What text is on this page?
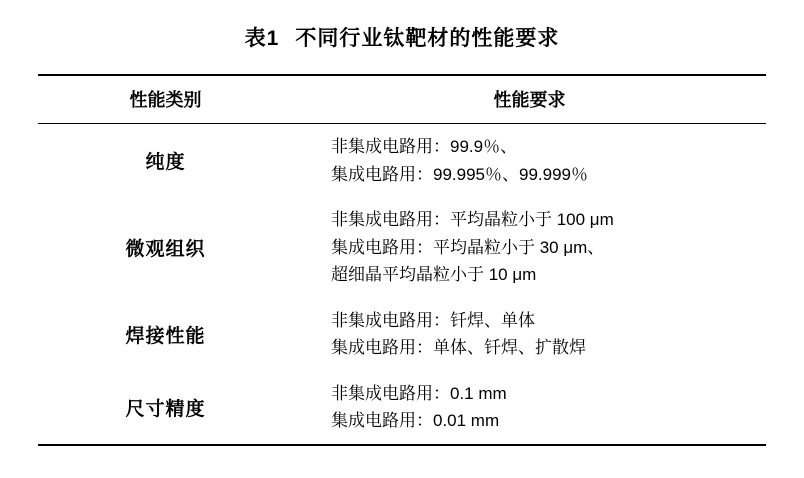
表1 不同行业钛靶材的性能要求
性能类别	性能要求
纯度	非集成电路用：99.9％、
集成电路用：99.995％、99.999％

微观组织	非集成电路用：平均晶粒小于 100 μm
集成电路用：平均晶粒小于 30 μm、
超细晶平均晶粒小于 10 μm

焊接性能	非集成电路用：钎焊、单体
集成电路用：单体、钎焊、扩散焊

尺寸精度	非集成电路用：0.1 mm
集成电路用：0.01 mm
